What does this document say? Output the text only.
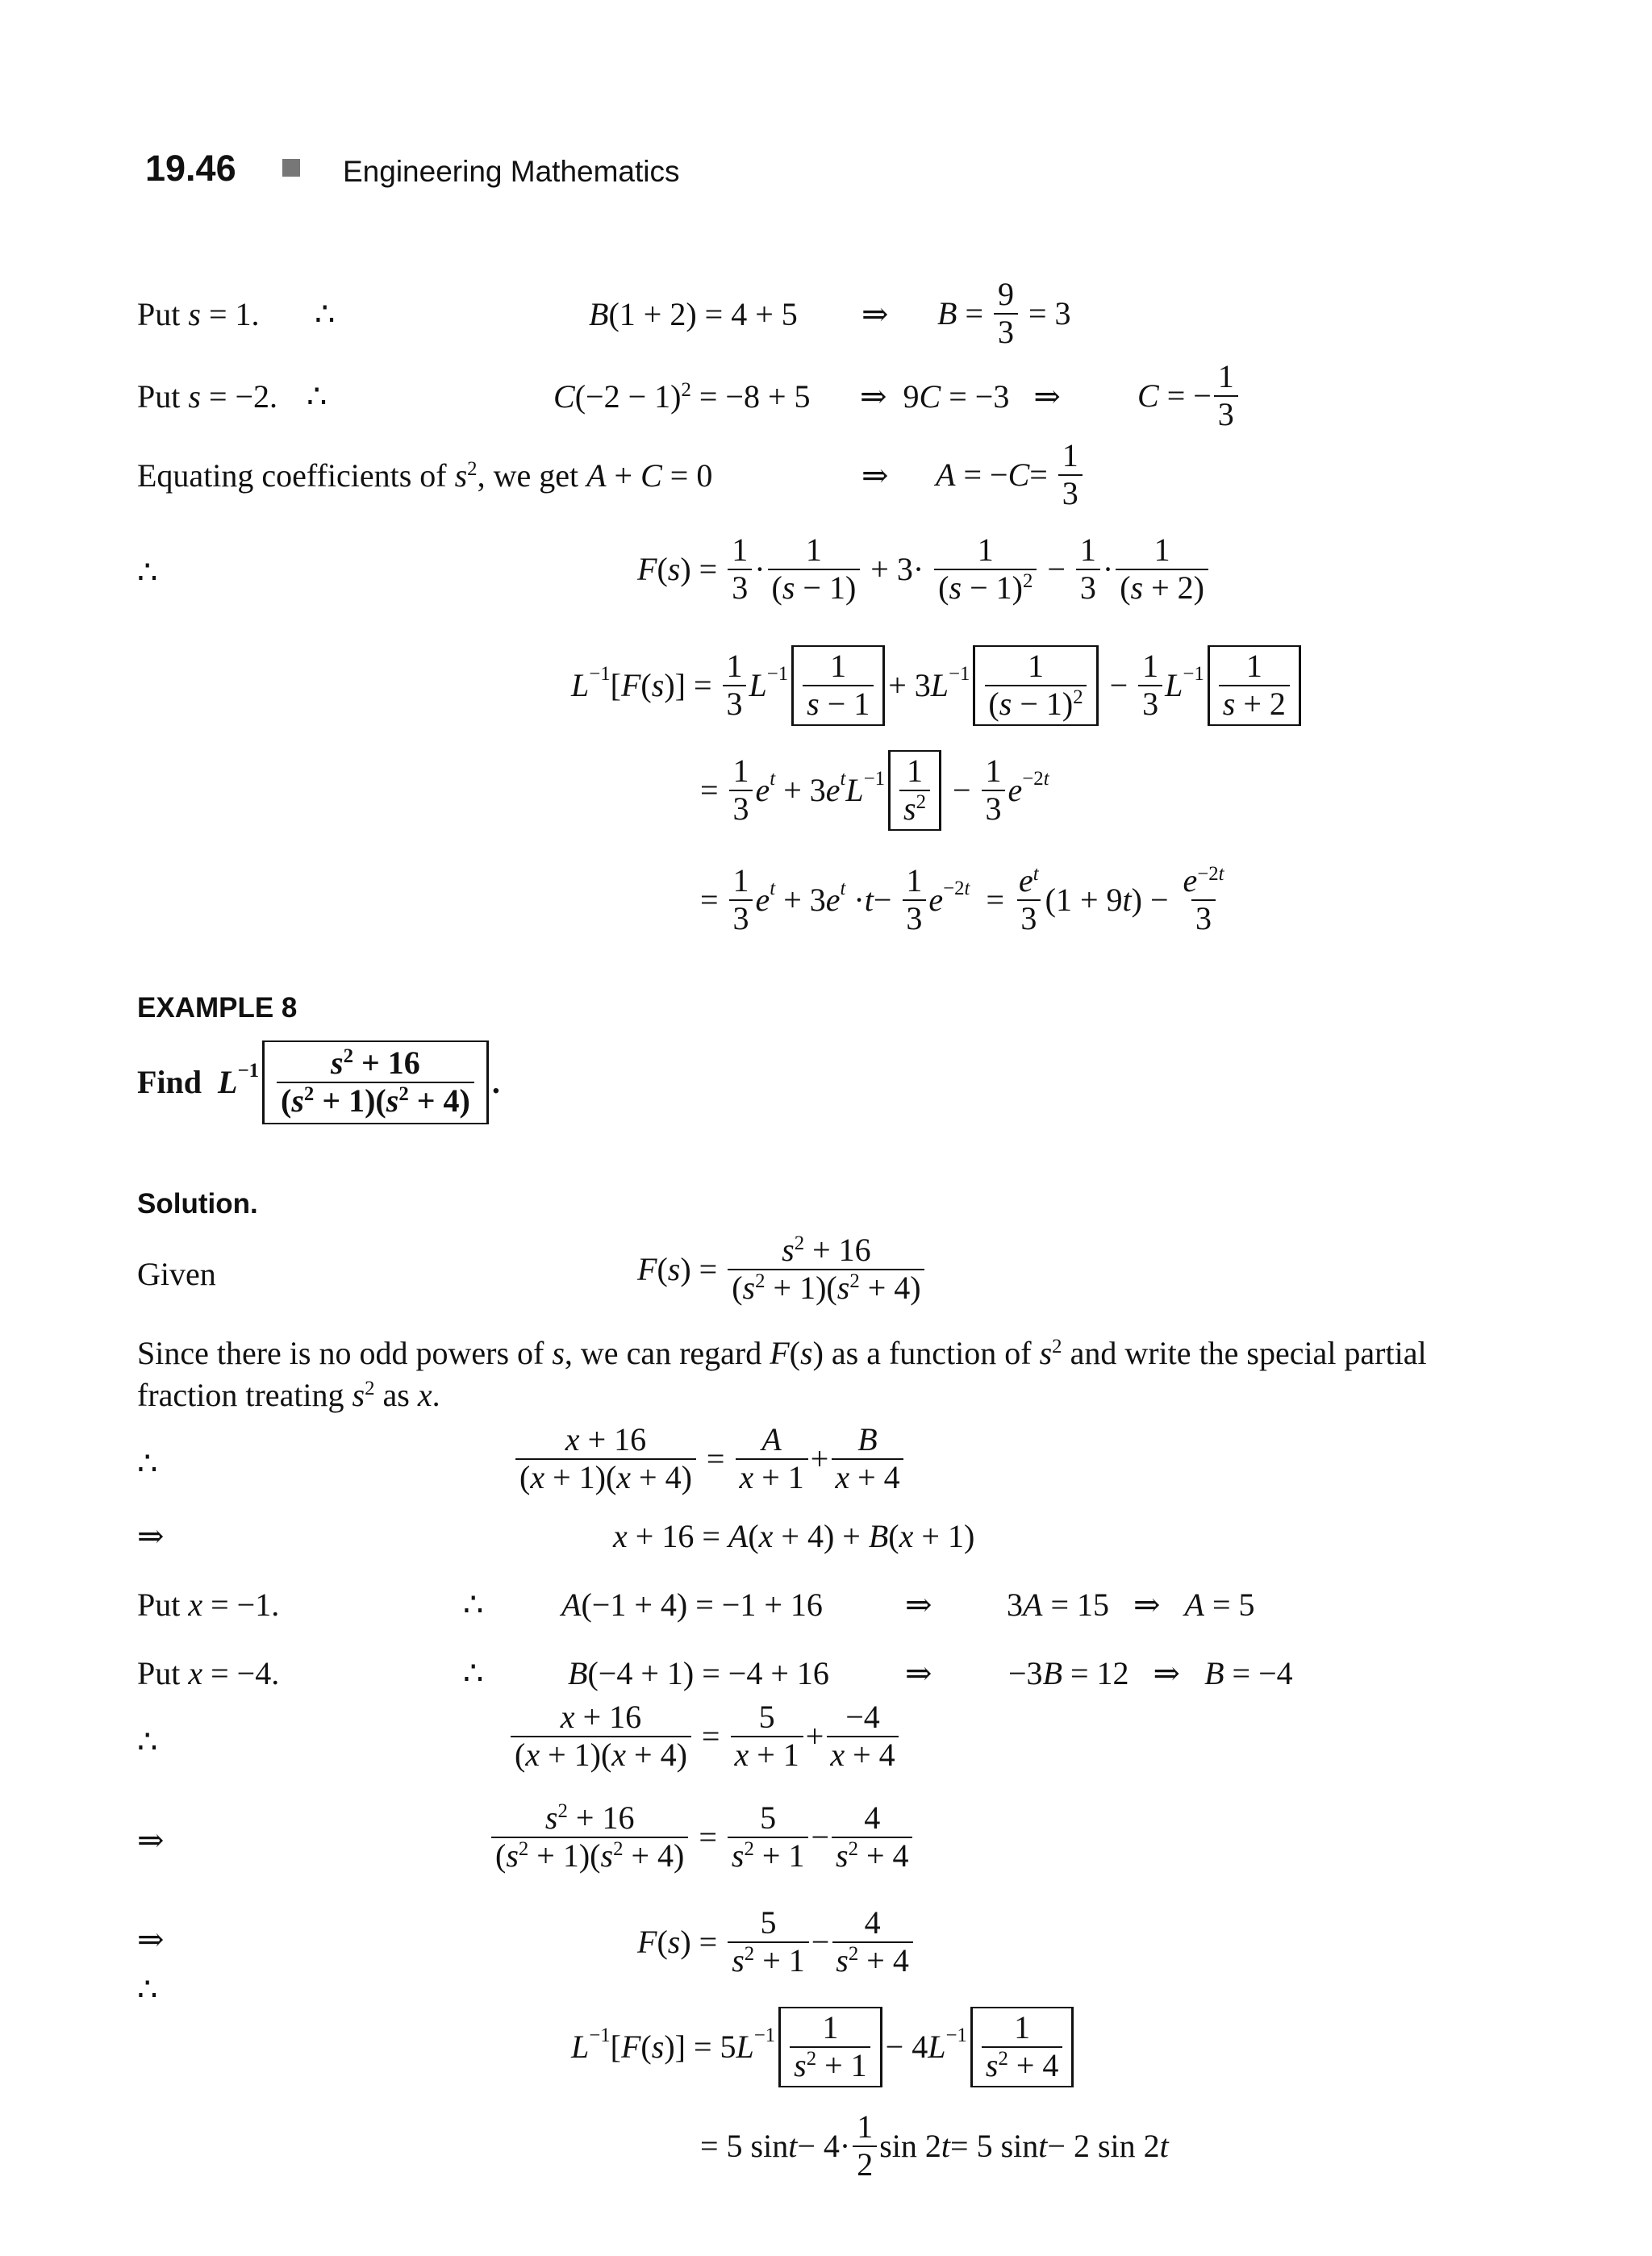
19.46	Engineering Mathematics
Put s = 1. ∴	B(1 + 2) = 4 + 5 ⇒ B =
9
3
= 3
Put s = −2. ∴	$C(-2 - 1)^2 = -8 + 5$ ⇒  9C = −3   ⇒ C = −
1
3
Equating coefficients of $s^2$, we get A + C = 0	⇒ A = − C =
1
3
∴	F ( s ) =
1
3
·
1
(s − 1)
+ 3·
1
$(s - 1)^2$ −
1
3
·
1
(s + 2)
$L^{-1}$ [ F ( s )] =
1
3
$L^{-1}$ 1
s − 1
+ 3 $L^{-1}$ 1
$(s - 1)^2$ −
1
3
$L^{-1}$ 1
s + 2
=
1
3
e $^t$ + 3 e $^t$ $L^{-1}$ 1
$s^2$ −
1
3
$e^{-2t}$
=
1
3
e $^t$ + 3 e $^t$ · t −
1
3
$e^{-2t}$ =
$e^t$
3
(1 + 9 t ) −
$e^{-2t}$
3
EXAMPLE 8
Find
$L^{-1}$ $s^2 + 16$
$(s^2 + 1)(s^2 + 4)$
.
Solution.
Given	F ( s ) =
$s^2 + 16$
$(s^2 + 1)(s^2 + 4)$
Since there is no odd powers of s, we can regard F(s) as a function of $s^2$ and write the special partial
fraction treating $s^2$ as x.
∴
x + 16
(x + 1)(x + 4)
=
A
x + 1
+
B
x + 4
⇒	x + 16 = A(x + 4) + B(x + 1)
Put x = −1.	∴ A(−1 + 4) = −1 + 16	⇒ 3A = 15   ⇒   A = 5
Put x = −4.	∴	B(−4 + 1) = −4 + 16 ⇒ −3B = 12   ⇒   B = −4
∴
x + 16
(x + 1)(x + 4)
=
5
x + 1
+
−4
x + 4
⇒
$s^2 + 16$
$(s^2 + 1)(s^2 + 4)$
=
5
$s^2 + 1$
−
4
$s^2 + 4$
⇒
∴
F ( s ) =
5
$s^2 + 1$
−
4
$s^2 + 4$
$L^{-1}$ [ F ( s )] = 5 $L^{-1}$ 1
$s^2 + 1$
− 4 $L^{-1}$ 1
$s^2 + 4$
= 5 sin t − 4·
1
2
sin 2 t = 5 sin t − 2 sin 2 t
